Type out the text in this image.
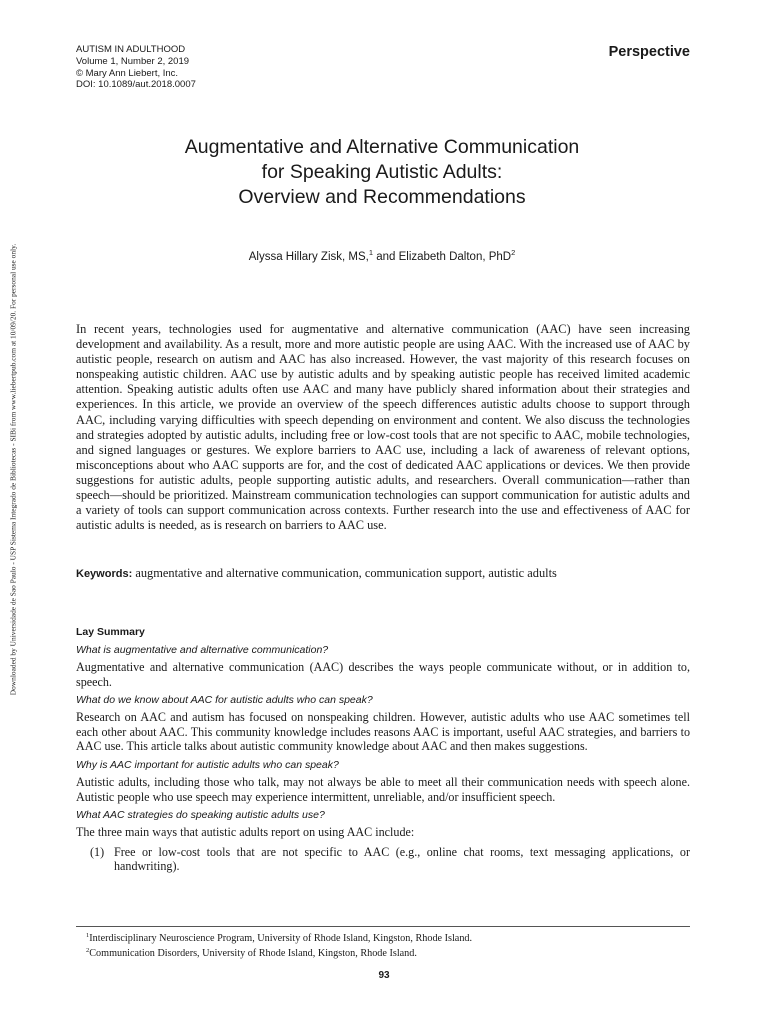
AUTISM IN ADULTHOOD
Volume 1, Number 2, 2019
© Mary Ann Liebert, Inc.
DOI: 10.1089/aut.2018.0007
Perspective
Downloaded by Universidade de Sao Paulo - USP Sistema Integrado de Bibliotecas - SIBi from www.liebertpub.com at 10/09/20. For personal use only.
Augmentative and Alternative Communication
for Speaking Autistic Adults:
Overview and Recommendations
Alyssa Hillary Zisk, MS,$^1$ and Elizabeth Dalton, PhD$^2$

In recent years, technologies used for augmentative and alternative communication (AAC) have seen increasing development and availability. As a result, more and more autistic people are using AAC. With the increased use of AAC by autistic people, research on autism and AAC has also increased. However, the vast majority of this research focuses on nonspeaking autistic children. AAC use by autistic adults and by speaking autistic people has received limited academic attention. Speaking autistic adults often use AAC and many have publicly shared information about their strategies and experiences. In this article, we provide an overview of the speech differences autistic adults choose to support through AAC, including varying difficulties with speech depending on environment and content. We also discuss the technologies and strategies adopted by autistic adults, including free or low-cost tools that are not specific to AAC, mobile technologies, and signed languages or gestures. We explore barriers to AAC use, including a lack of awareness of relevant options, misconceptions about who AAC supports are for, and the cost of dedicated AAC applications or devices. We then provide suggestions for autistic adults, people supporting autistic adults, and researchers. Overall communication—rather than speech—should be prioritized. Mainstream communication technologies can support communication for autistic adults and a variety of tools can support communication across contexts. Further research into the use and effectiveness of AAC for autistic adults is needed, as is research on barriers to AAC use.

Keywords: augmentative and alternative communication, communication support, autistic adults

Lay Summary

What is augmentative and alternative communication?

Augmentative and alternative communication (AAC) describes the ways people communicate without, or in addition to, speech.

What do we know about AAC for autistic adults who can speak?

Research on AAC and autism has focused on nonspeaking children. However, autistic adults who use AAC sometimes tell each other about AAC. This community knowledge includes reasons AAC is important, useful AAC strategies, and barriers to AAC use. This article talks about autistic community knowledge about AAC and then makes suggestions.

Why is AAC important for autistic adults who can speak?

Autistic adults, including those who talk, may not always be able to meet all their communication needs with speech alone. Autistic people who use speech may experience intermittent, unreliable, and/or insufficient speech.

What AAC strategies do speaking autistic adults use?

The three main ways that autistic adults report on using AAC include:

(1) Free or low-cost tools that are not specific to AAC (e.g., online chat rooms, text messaging applications, or handwriting).
$^1$Interdisciplinary Neuroscience Program, University of Rhode Island, Kingston, Rhode Island.
$^2$Communication Disorders, University of Rhode Island, Kingston, Rhode Island.
93
